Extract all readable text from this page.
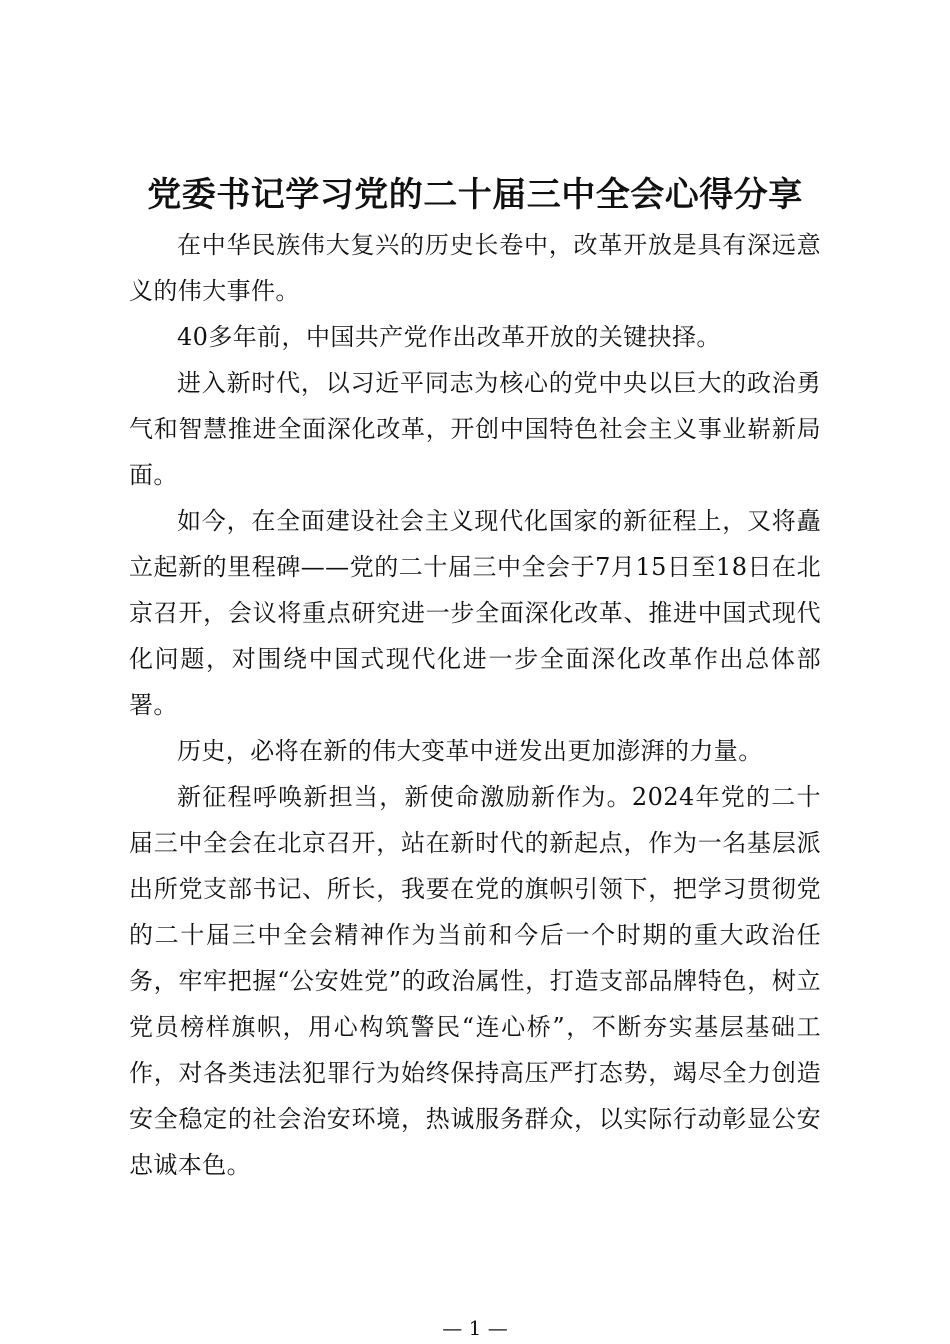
党委书记学习党的二十届三中全会心得分享

在中华民族伟大复兴的历史长卷中，改革开放是具有深远意义的伟大事件。

40多年前，中国共产党作出改革开放的关键抉择。

进入新时代，以习近平同志为核心的党中央以巨大的政治勇气和智慧推进全面深化改革，开创中国特色社会主义事业崭新局面。

如今，在全面建设社会主义现代化国家的新征程上，又将矗立起新的里程碑——党的二十届三中全会于7月15日至18日在北京召开，会议将重点研究进一步全面深化改革、推进中国式现代化问题，对围绕中国式现代化进一步全面深化改革作出总体部署。

历史，必将在新的伟大变革中迸发出更加澎湃的力量。

新征程呼唤新担当，新使命激励新作为。2024年党的二十届三中全会在北京召开，站在新时代的新起点，作为一名基层派出所党支部书记、所长，我要在党的旗帜引领下，把学习贯彻党的二十届三中全会精神作为当前和今后一个时期的重大政治任务，牢牢把握“公安姓党”的政治属性，打造支部品牌特色，树立党员榜样旗帜，用心构筑警民“连心桥”，不断夯实基层基础工作，对各类违法犯罪行为始终保持高压严打态势，竭尽全力创造安全稳定的社会治安环境，热诚服务群众，以实际行动彰显公安忠诚本色。

— 1 —
